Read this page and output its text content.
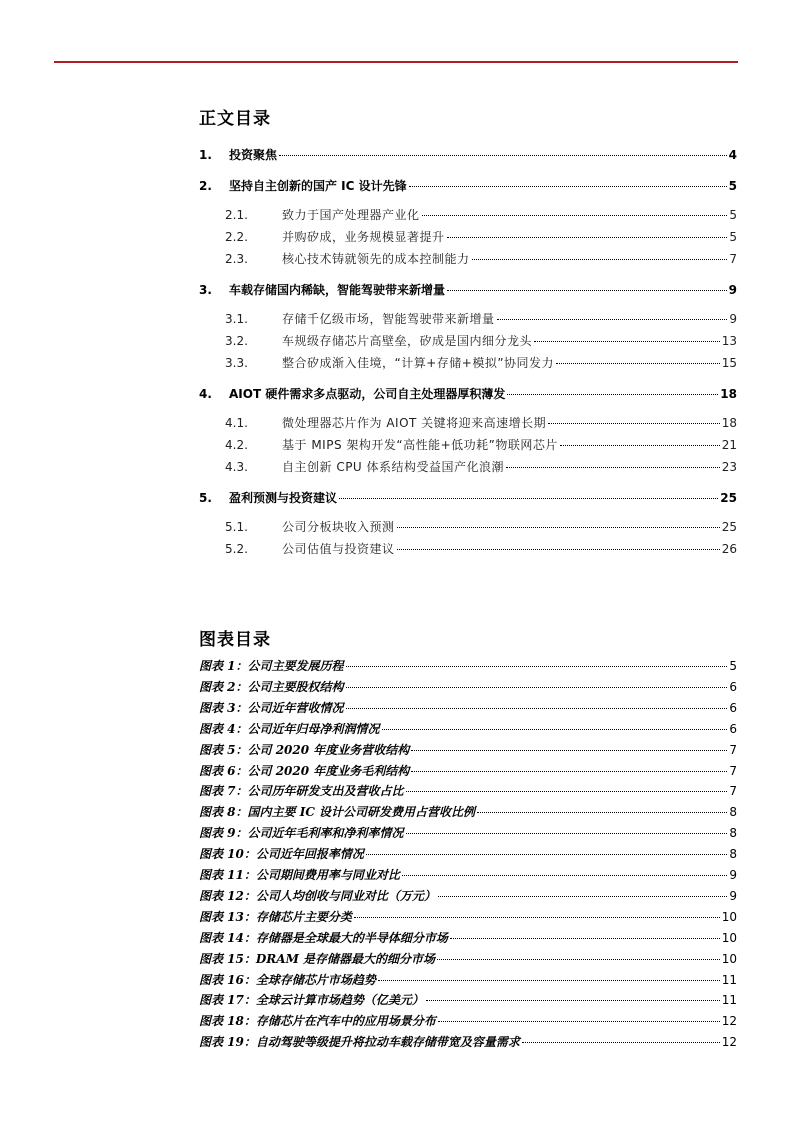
正文目录
1.	投资聚焦	4
2.	坚持自主创新的国产 IC 设计先锋	5
2.1.	致力于国产处理器产业化	5
2.2.	并购矽成，业务规模显著提升	5
2.3.	核心技术铸就领先的成本控制能力	7
3.	车载存储国内稀缺，智能驾驶带来新增量	9
3.1.	存储千亿级市场，智能驾驶带来新增量	9
3.2.	车规级存储芯片高壁垒，矽成是国内细分龙头	13
3.3.	整合矽成渐入佳境，“计算+存储+模拟”协同发力	15
4.	AIOT 硬件需求多点驱动，公司自主处理器厚积薄发	18
4.1.	微处理器芯片作为 AIOT 关键将迎来高速增长期	18
4.2.	基于 MIPS 架构开发“高性能+低功耗”物联网芯片	21
4.3.	自主创新 CPU 体系结构受益国产化浪潮	23
5.	盈利预测与投资建议	25
5.1.	公司分板块收入预测	25
5.2.	公司估值与投资建议	26
图表目录
图表 1：公司主要发展历程	5
图表 2：公司主要股权结构	6
图表 3：公司近年营收情况	6
图表 4：公司近年归母净利润情况	6
图表 5：公司 2020 年度业务营收结构	7
图表 6：公司 2020 年度业务毛利结构	7
图表 7：公司历年研发支出及营收占比	7
图表 8：国内主要 IC 设计公司研发费用占营收比例	8
图表 9：公司近年毛利率和净利率情况	8
图表 10：公司近年回报率情况	8
图表 11：公司期间费用率与同业对比	9
图表 12：公司人均创收与同业对比（万元）	9
图表 13：存储芯片主要分类	10
图表 14：存储器是全球最大的半导体细分市场	10
图表 15：DRAM 是存储器最大的细分市场	10
图表 16：全球存储芯片市场趋势	11
图表 17：全球云计算市场趋势（亿美元）	11
图表 18：存储芯片在汽车中的应用场景分布	12
图表 19：自动驾驶等级提升将拉动车载存储带宽及容量需求	12
